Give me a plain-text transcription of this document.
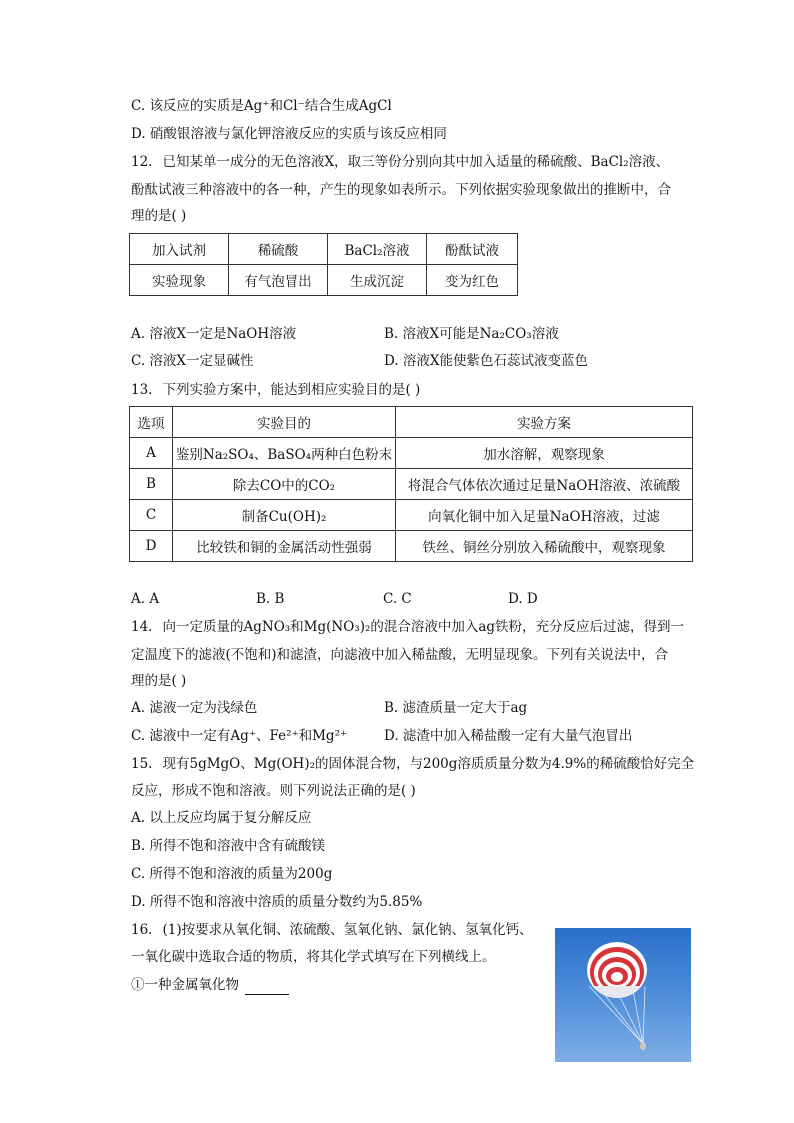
C. 该反应的实质是Ag⁺和Cl⁻结合生成AgCl
D. 硝酸银溶液与氯化钾溶液反应的实质与该反应相同
12. 已知某单一成分的无色溶液X，取三等份分别向其中加入适量的稀硫酸、BaCl₂溶液、
酚酞试液三种溶液中的各一种，产生的现象如表所示。下列依据实验现象做出的推断中，合
理的是( )
加入试剂	稀硫酸	BaCl₂溶液	酚酞试液
实验现象	有气泡冒出	生成沉淀	变为红色
A. 溶液X一定是NaOH溶液	B. 溶液X可能是Na₂CO₃溶液
C. 溶液X一定显碱性	D. 溶液X能使紫色石蕊试液变蓝色
13. 下列实验方案中，能达到相应实验目的是( )
选项	实验目的	实验方案
A	鉴别Na₂SO₄、BaSO₄两种白色粉末	加水溶解，观察现象
B	除去CO中的CO₂	将混合气体依次通过足量NaOH溶液、浓硫酸
C	制备Cu(OH)₂	向氧化铜中加入足量NaOH溶液，过滤
D	比较铁和铜的金属活动性强弱	铁丝、铜丝分别放入稀硫酸中，观察现象
A. A	B. B	C. C	D. D
14. 向一定质量的AgNO₃和Mg(NO₃)₂的混合溶液中加入ag铁粉，充分反应后过滤，得到一
定温度下的滤液(不饱和)和滤渣，向滤液中加入稀盐酸，无明显现象。下列有关说法中，合
理的是( )
A. 滤液一定为浅绿色	B. 滤渣质量一定大于ag
C. 滤液中一定有Ag⁺、Fe²⁺和Mg²⁺	D. 滤渣中加入稀盐酸一定有大量气泡冒出
15. 现有5gMgO、Mg(OH)₂的固体混合物，与200g溶质质量分数为4.9%的稀硫酸恰好完全
反应，形成不饱和溶液。则下列说法正确的是( )
A. 以上反应均属于复分解反应
B. 所得不饱和溶液中含有硫酸镁
C. 所得不饱和溶液的质量为200g
D. 所得不饱和溶液中溶质的质量分数约为5.85%
16. (1)按要求从氧化铜、浓硫酸、氢氧化钠、氯化钠、氢氧化钙、
一氧化碳中选取合适的物质，将其化学式填写在下列横线上。
①一种金属氧化物
